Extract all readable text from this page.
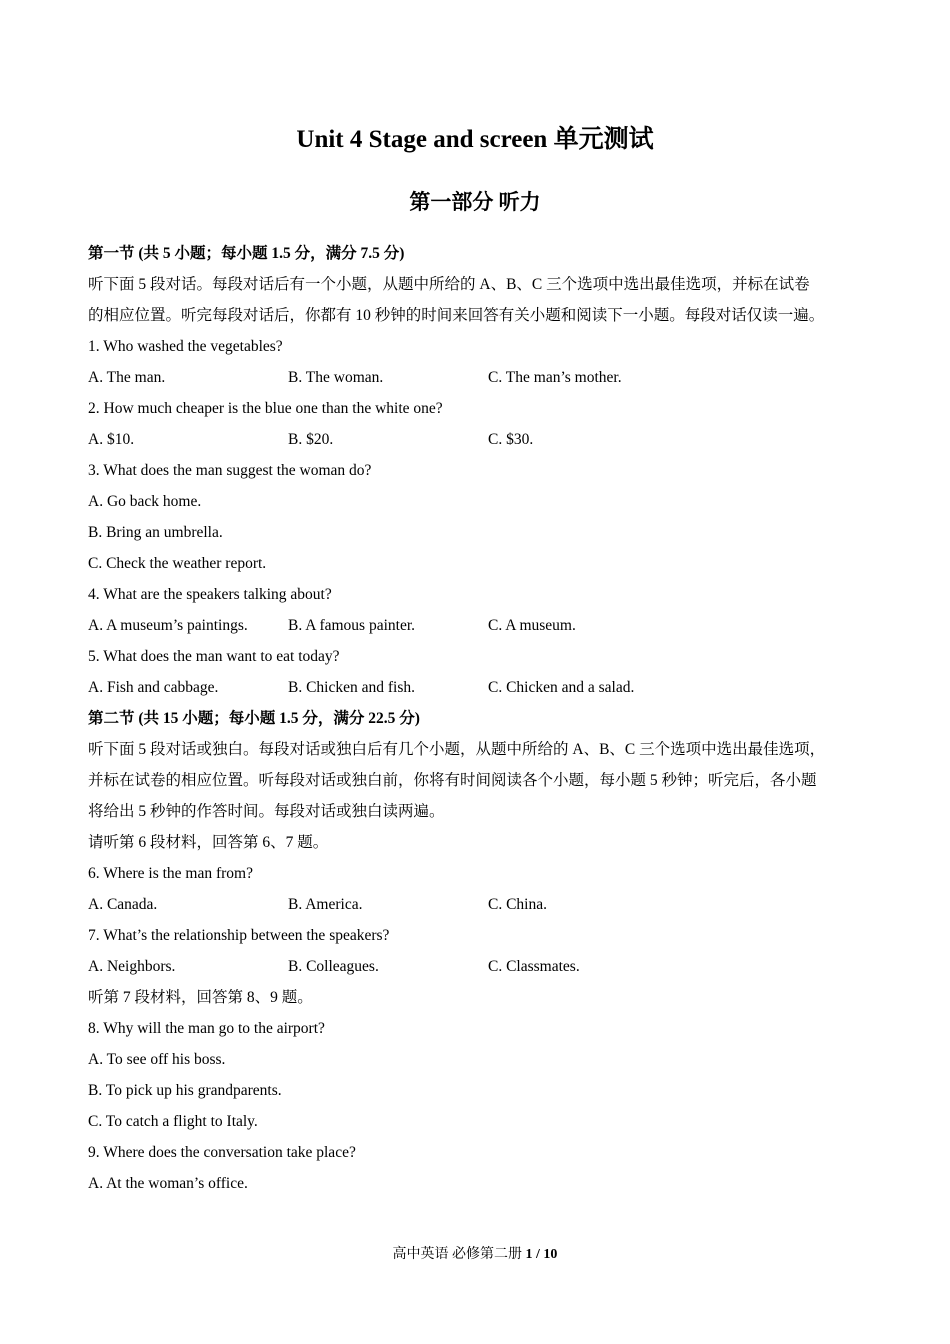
Unit 4 Stage and screen 单元测试
第一部分 听力
第一节 (共 5 小题；每小题 1.5 分，满分 7.5 分)
听下面 5 段对话。每段对话后有一个小题，从题中所给的 A、B、C 三个选项中选出最佳选项，并标在试卷
的相应位置。听完每段对话后，你都有 10 秒钟的时间来回答有关小题和阅读下一小题。每段对话仅读一遍。
1. Who washed the vegetables?
A. The man.	B. The woman.	C. The man’s mother.
2. How much cheaper is the blue one than the white one?
A. $10.	B. $20.	C. $30.
3. What does the man suggest the woman do?
A. Go back home.
B. Bring an umbrella.
C. Check the weather report.
4. What are the speakers talking about?
A. A museum’s paintings.	B. A famous painter.	C. A museum.
5. What does the man want to eat today?
A. Fish and cabbage.	B. Chicken and fish.	C. Chicken and a salad.
第二节 (共 15 小题；每小题 1.5 分，满分 22.5 分)
听下面 5 段对话或独白。每段对话或独白后有几个小题，从题中所给的 A、B、C 三个选项中选出最佳选项，
并标在试卷的相应位置。听每段对话或独白前，你将有时间阅读各个小题，每小题 5 秒钟；听完后，各小题
将给出 5 秒钟的作答时间。每段对话或独白读两遍。
请听第 6 段材料，回答第 6、7 题。
6. Where is the man from?
A. Canada.	B. America.	C. China.
7. What’s the relationship between the speakers?
A. Neighbors.	B. Colleagues.	C. Classmates.
听第 7 段材料，回答第 8、9 题。
8. Why will the man go to the airport?
A. To see off his boss.
B. To pick up his grandparents.
C. To catch a flight to Italy.
9. Where does the conversation take place?
A. At the woman’s office.
高中英语 必修第二册 1 / 10
